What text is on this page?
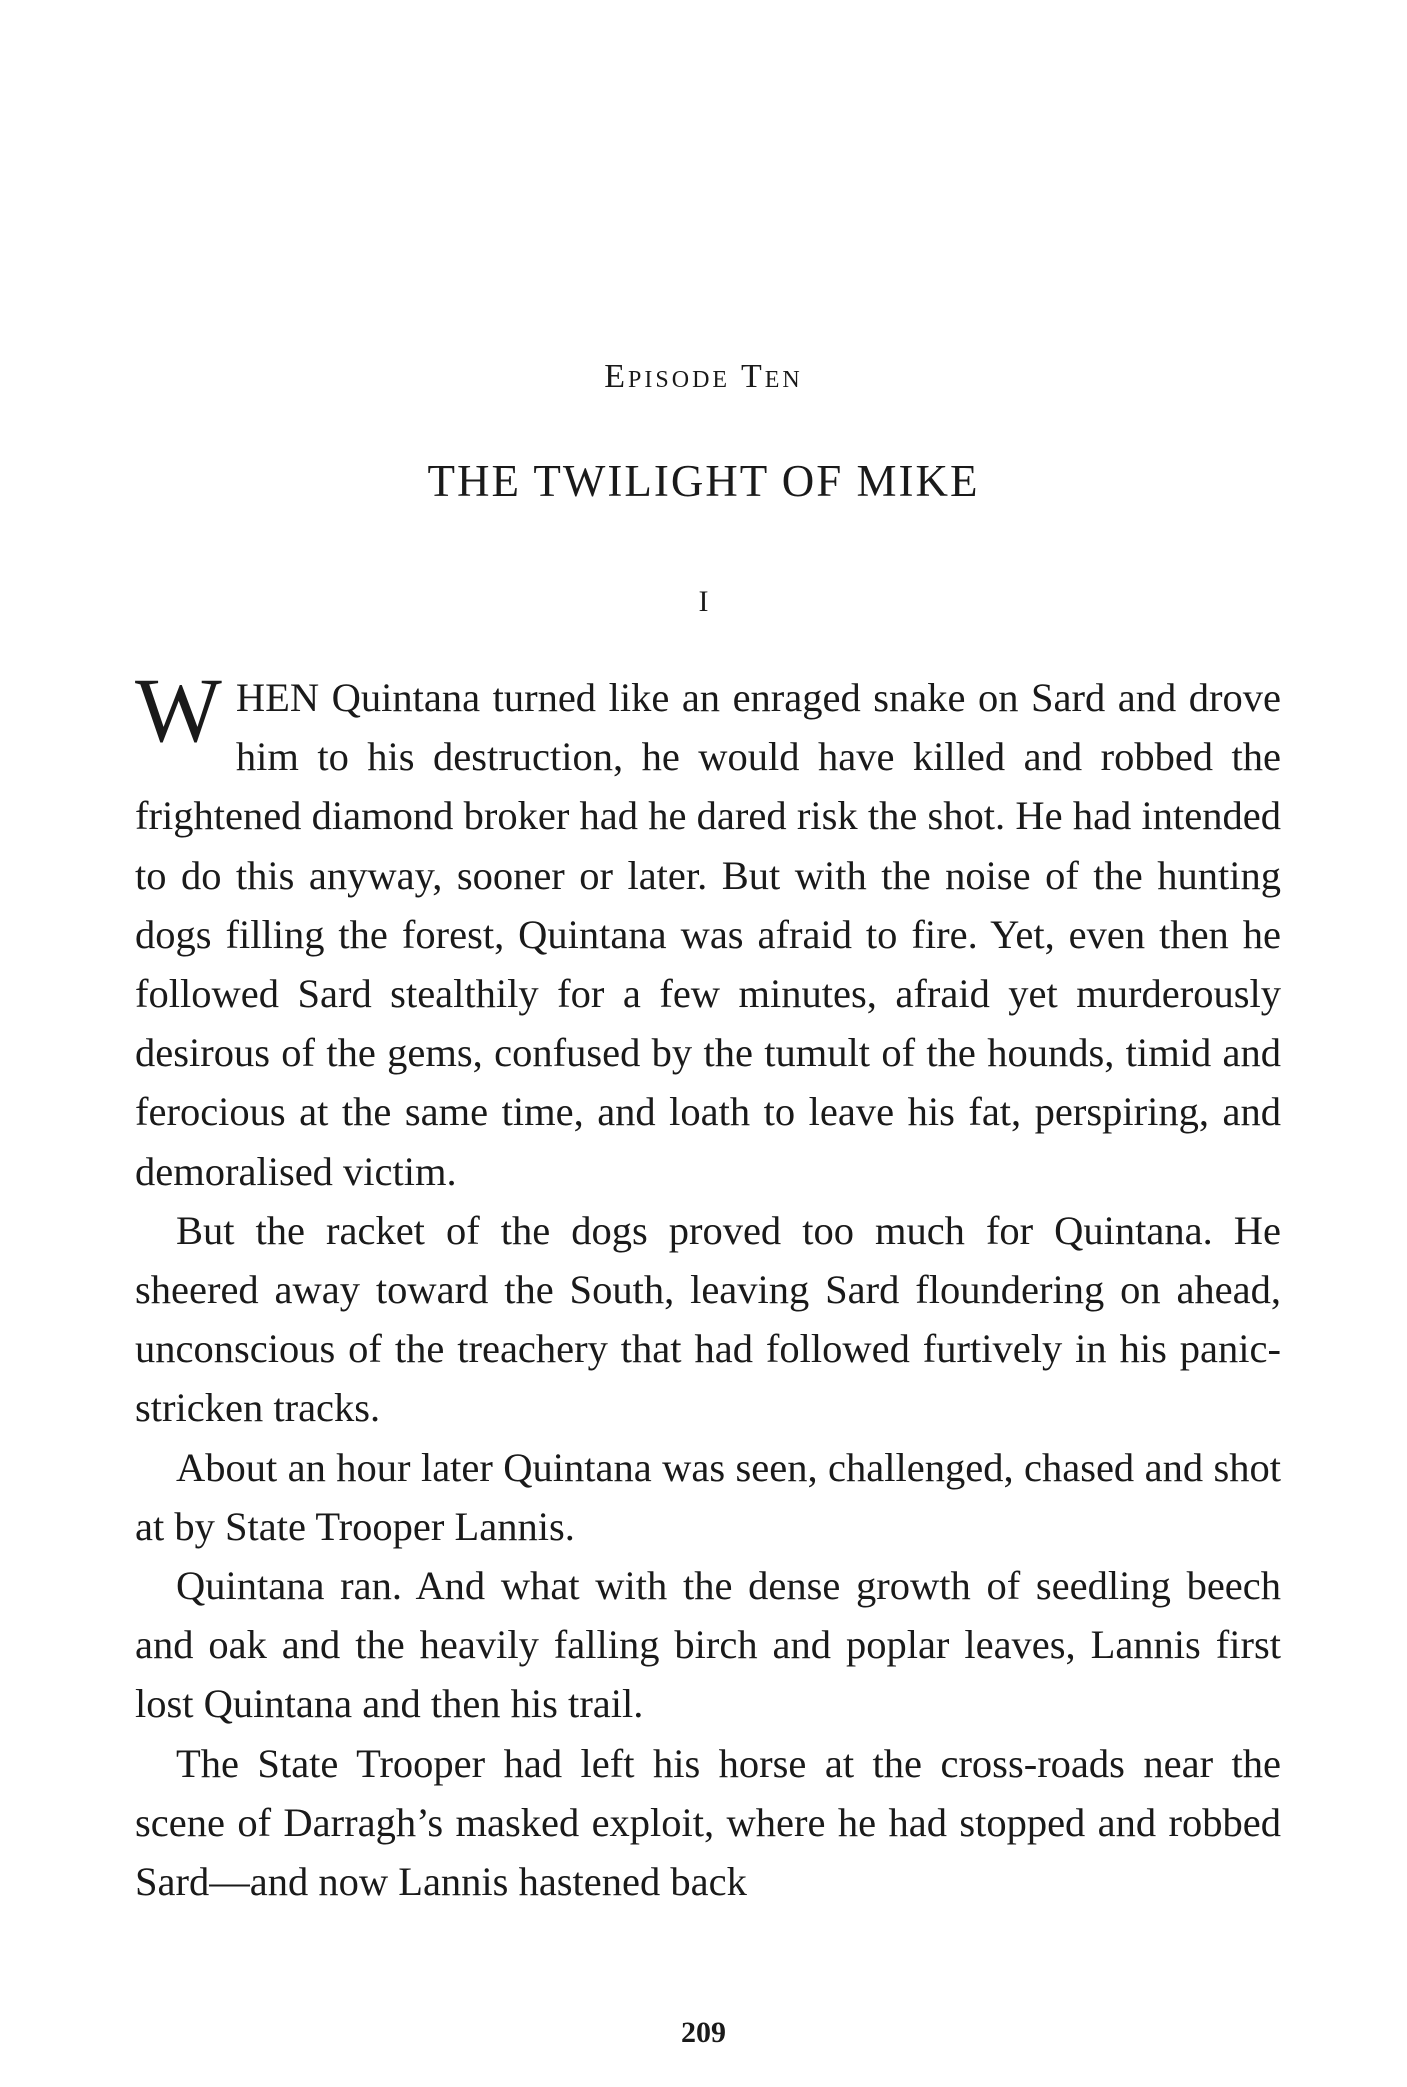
Episode Ten
THE TWILIGHT OF MIKE
I

WHEN Quintana turned like an enraged snake on Sard and drove him to his destruction, he would have killed and robbed the frightened diamond broker had he dared risk the shot. He had intended to do this anyway, sooner or later. But with the noise of the hunting dogs filling the forest, Quintana was afraid to fire. Yet, even then he followed Sard stealthily for a few minutes, afraid yet murderously desirous of the gems, confused by the tumult of the hounds, timid and ferocious at the same time, and loath to leave his fat, perspiring, and demoralised victim.

But the racket of the dogs proved too much for Quintana. He sheered away toward the South, leaving Sard floundering on ahead, unconscious of the treachery that had followed furtively in his panic-stricken tracks.

About an hour later Quintana was seen, challenged, chased and shot at by State Trooper Lannis.

Quintana ran. And what with the dense growth of seedling beech and oak and the heavily falling birch and poplar leaves, Lannis first lost Quintana and then his trail.

The State Trooper had left his horse at the cross-roads near the scene of Darragh’s masked exploit, where he had stopped and robbed Sard—and now Lannis hastened back

209
